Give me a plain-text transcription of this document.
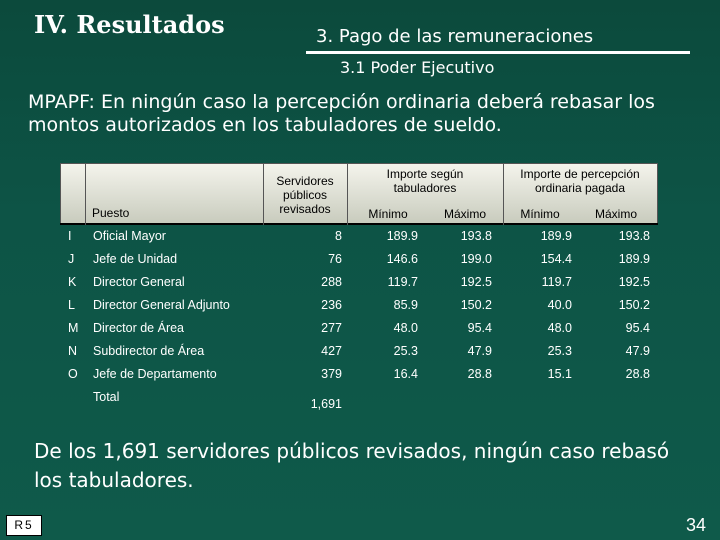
IV. Resultados	3. Pago de las remuneraciones
3.1 Poder Ejecutivo
MPAPF: En ningún caso la percepción ordinaria deberá rebasar los montos autorizados en los tabuladores de sueldo.
Puesto
Servidores públicos revisados
Importe según tabuladores
Importe de percepción ordinaria pagada
Mínimo	Máximo	Mínimo	Máximo
I Oficial Mayor	8	189.9	193.8	189.9	193.8
J Jefe de Unidad	76	146.6	199.0	154.4	189.9
K Director General	288	119.7	192.5	119.7	192.5
L Director General Adjunto	236	85.9	150.2	40.0	150.2
M Director de Área	277	48.0	95.4	48.0	95.4
N Subdirector de Área	427	25.3	47.9	25.3	47.9
O Jefe de Departamento	379	16.4	28.8	15.1	28.8
Total	1,691
De los 1,691 servidores públicos revisados, ningún caso rebasó los tabuladores.
R5	34
